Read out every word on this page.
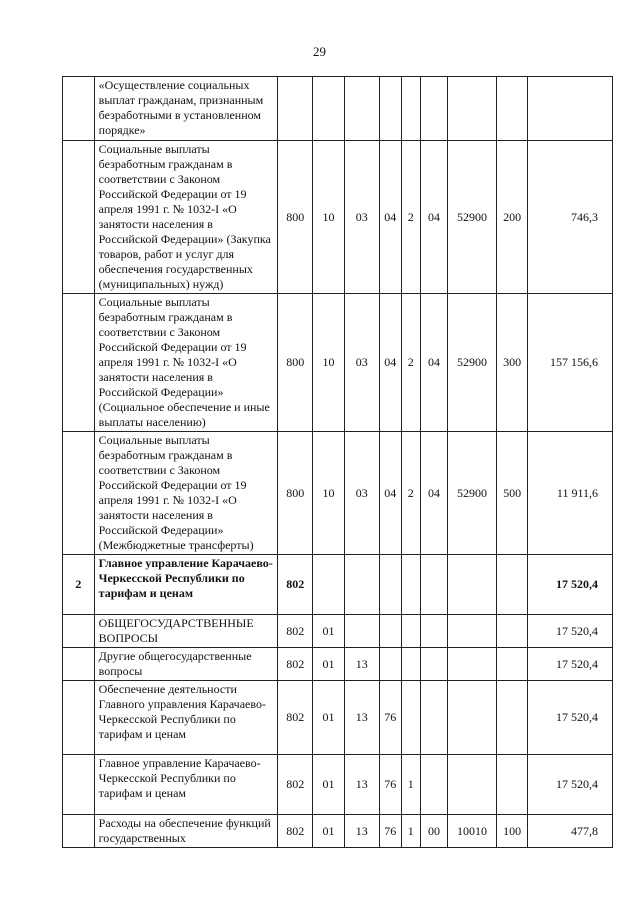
29
	«Осуществление социальных выплат гражданам, признанным безработными в установленном порядке»									
	Социальные выплаты безработным гражданам в соответствии с Законом Российской Федерации от 19 апреля 1991 г. № 1032-I «О занятости населения в Российской Федерации» (Закупка товаров, работ и услуг для обеспечения государственных (муниципальных) нужд)	800	10	03	04	2	04	52900	200	746,3
	Социальные выплаты безработным гражданам в соответствии с Законом Российской Федерации от 19 апреля 1991 г. № 1032-I «О занятости населения в Российской Федерации» (Социальное обеспечение и иные выплаты населению)	800	10	03	04	2	04	52900	300	157 156,6
	Социальные выплаты безработным гражданам в соответствии с Законом Российской Федерации от 19 апреля 1991 г. № 1032-I «О занятости населения в Российской Федерации» (Межбюджетные трансферты)	800	10	03	04	2	04	52900	500	11 911,6
2	Главное управление Карачаево-Черкесской Республики по тарифам и ценам	802								17 520,4
	ОБЩЕГОСУДАРСТВЕННЫЕ ВОПРОСЫ	802	01							17 520,4
	Другие общегосударственные вопросы	802	01	13						17 520,4
	Обеспечение деятельности Главного управления Карачаево-Черкесской Республики по тарифам и ценам	802	01	13	76					17 520,4
	Главное управление Карачаево-Черкесской Республики по тарифам и ценам	802	01	13	76	1				17 520,4
	Расходы на обеспечение функций государственных	802	01	13	76	1	00	10010	100	477,8
